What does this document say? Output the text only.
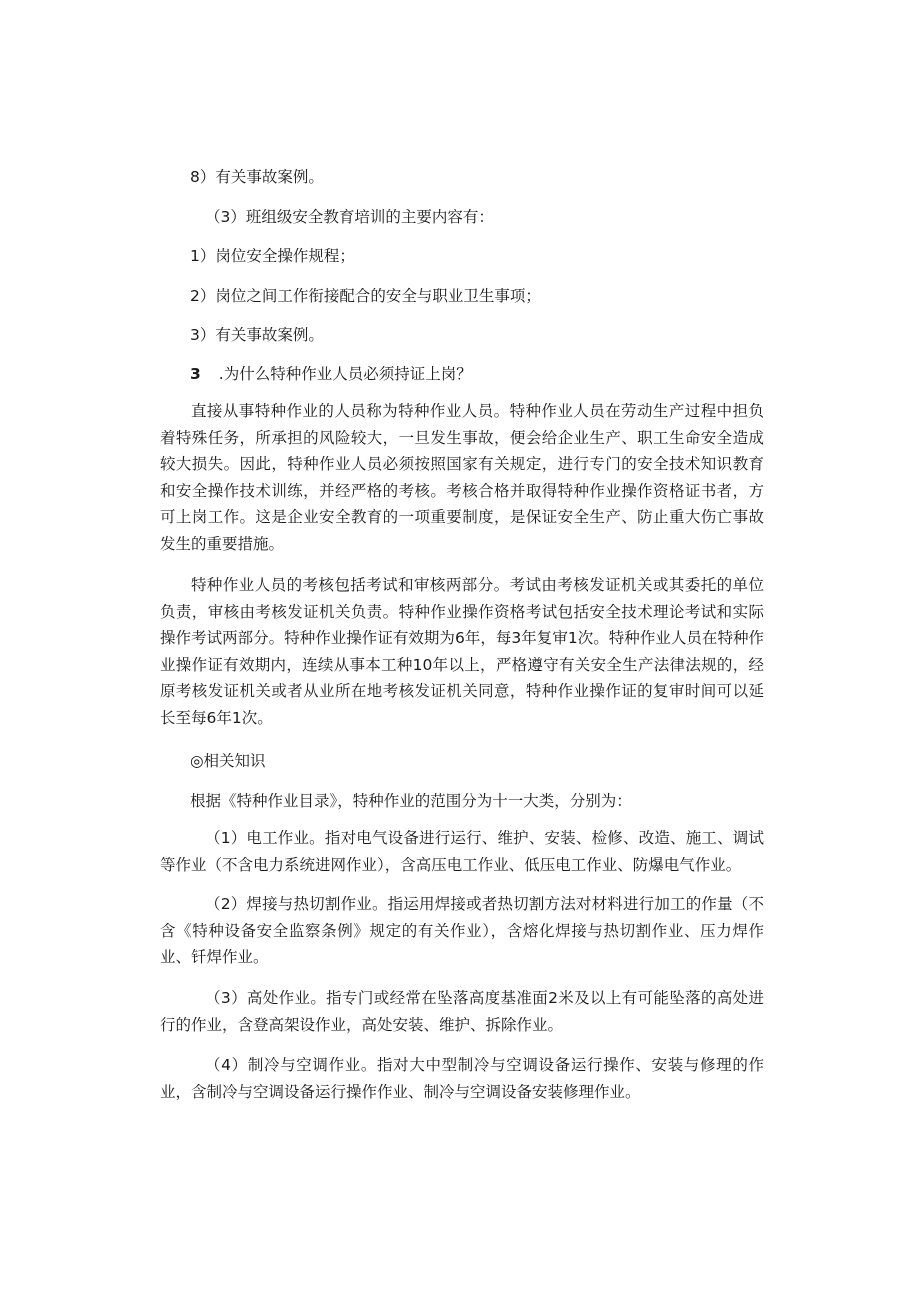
8）有关事故案例。

（3）班组级安全教育培训的主要内容有：

1）岗位安全操作规程；

2）岗位之间工作衔接配合的安全与职业卫生事项；

3）有关事故案例。

3 .为什么特种作业人员必须持证上岗？

直接从事特种作业的人员称为特种作业人员。特种作业人员在劳动生产过程中担负着特殊任务，所承担的风险较大，一旦发生事故，便会给企业生产、职工生命安全造成较大损失。因此，特种作业人员必须按照国家有关规定，进行专门的安全技术知识教育和安全操作技术训练，并经严格的考核。考核合格并取得特种作业操作资格证书者，方可上岗工作。这是企业安全教育的一项重要制度，是保证安全生产、防止重大伤亡事故发生的重要措施。

特种作业人员的考核包括考试和审核两部分。考试由考核发证机关或其委托的单位负责，审核由考核发证机关负责。特种作业操作资格考试包括安全技术理论考试和实际操作考试两部分。特种作业操作证有效期为6年，每3年复审1次。特种作业人员在特种作业操作证有效期内，连续从事本工种10年以上，严格遵守有关安全生产法律法规的，经原考核发证机关或者从业所在地考核发证机关同意，特种作业操作证的复审时间可以延长至每6年1次。

◎相关知识

根据《特种作业目录》，特种作业的范围分为十一大类，分别为：

（1）电工作业。指对电气设备进行运行、维护、安装、检修、改造、施工、调试等作业（不含电力系统进网作业），含高压电工作业、低压电工作业、防爆电气作业。

（2）焊接与热切割作业。指运用焊接或者热切割方法对材料进行加工的作量（不含《特种设备安全监察条例》规定的有关作业），含熔化焊接与热切割作业、压力焊作业、钎焊作业。

（3）高处作业。指专门或经常在坠落高度基准面2米及以上有可能坠落的高处进行的作业，含登高架设作业，高处安装、维护、拆除作业。

（4）制冷与空调作业。指对大中型制冷与空调设备运行操作、安装与修理的作业，含制冷与空调设备运行操作作业、制冷与空调设备安装修理作业。
